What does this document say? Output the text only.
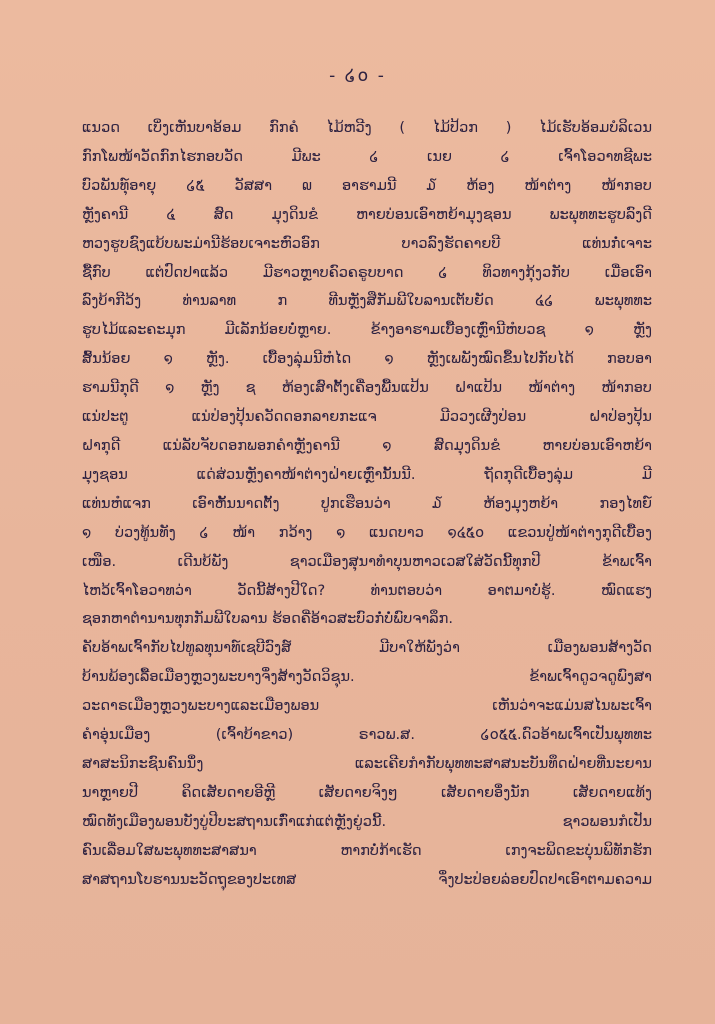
- ໒໐ -
ແນວດ ເບິ່ງເຫັນບາອ້ອມ ກົກຄໍ ໄມ້ຫວີງ ( ໄມ້ປ້ວກ ) ໄມ້ເຮັບອ້ອມບໍລິເວນ
ກົກໂພໜ້າວັດກົກໄຮກອບວັດ ມີພະ ໒ ເນຍ ໒ ເຈົ້າໂອວາທຊີພະ
ບົວພັນທຸ໌ອາຍຸ ໒໕ ວັສສາ ໙ ອາຮາມນີ ໓ ຫ້ອງ ໜ້າຕ່າງ ໜ້າກອບ
ຫຼັງຄານີ ໔ ສົດ ມຸງດິນຂໍ ຫາຍບ່ອນເອົາຫຍ້າມຸງຊອນ ພະພຸທທະຮູບລົງດີ
ຫວງຮູບຊົງແບ້ບພະມ່ານີຮ້ອບເຈາະຫົວອົກ ບາວລົງຮັດຄາຍບີ ແທ່ນກໍ່ເຈາະ
ຊື້ກົບ ແຕ່ປົດປາແລ້ວ ມີຮາວຫຼາບຄົວຄຣູບບາດ ໒ ທິວທາງກຸ້ງວກັບ ເມື່ອເອົາ
ລົງບ້າກີວ້ງ ທ່ານລາທ ກ ທີນຫຼັງສືກັມພີໃບລານເຕັບຍັດ ໔໒ ພະພຸທທະ
ຮູບໄມ້ແລະຄະມຸກ ມີເລັກນ້ອຍບໍ່ຫຼາຍ. ຂ້າງອາຮາມເບື້ອງເຫຼົ່ານີຫໍບວຊ ໑ ຫຼັງ
ສົ້ນນ້ອຍ ໑ ຫຼັງ. ເບື້ອງລຸ່ມນີຫໍໄດ ໑ ຫຼັງເພພັງໝົດຂຶ້ນໄປກັບໄດ້ ກອບອາ
ຮາມນີກຸດີ ໑ ຫຼັງ ຊ ຫ້ອງເສົາຕັ້ງເຄື່ອງພື້ນແປ້ນ ຝາແປ້ນ ໜ້າຕ່າງ ໜ້າກອບ
ແນ່ປະຕູ ແນ່ປ່ອງປຸ້ນຄວັດດອກລາຍກະແຈ ມີວວງເຜີງປ່ອນ ຝາປ່ອງປຸ້ນ
ຝາກຸດີ ແນ່ລັບຈັບດອກພອກຄຳຫຼັງຄານີ ໑ ສົດມຸງດິນຂໍ ຫາຍບ່ອນເອົາຫຍ້າ
ມຸງຊອນ ແດ່ສ່ວນຫຼັງຄາໜ້າຕ່າງຝ່າຍເຫຼົ່ານັ້ນນີ. ຖັດກຸດີເບື້ອງລຸ່ມ ມີ
ແທ່ນຫໍແຈກ ເອົາຫັ້ນນາດຕັ້ງ ປູກເຮືອນວ່າ ໓ ຫ້ອງມຸງຫຍ້າ ກອງໄທຍ໌
໑ ບ່ວງທູ້ນທັງ ໒ ໜ້າ ກວ້າງ ໑ ແນດບາວ ໑໔໕໐ ແຂວນປູ່ໜ້າຕ່າງກຸດີເບື້ອງ
ເໜືອ. ເດີນບ້ພັງ ຊາວເມືອງສຸນາທຳບຸນຫາວເວສໃສ່ວັດນີ້ທຸກປີ ຂ້າພເຈົ້າ
ໄຫວ້ເຈົ້າໂອວາທວ່າ ວັດນີ້ສ້າງປີໃດ? ທ່ານຕອບວ່າ ອາຕມາບໍ່ຮູ້. ໝົດແຮງ
ຊອກຫາຕຳນານທຸກກັມພີໃບລານ ຮ້ອດຄີ່ອ້າວສະບົວກໍ່ບໍ່ພົບຈາລຶກ.
ຄັບອ້າພເຈົ້າກັບໄປທູລທຸນາທ໌ເຊບີວົງສ໌ ມີບາໃຫ້ພັງວ່າ ເມືອງພອນສ້າງວັດ
ບ້ານພ້ອງເລື້ອເມືອງຫຼວງພະບາງຈຶ່ງສ້າງວັດວິຊຸນ. ຂ້າພເຈົ້າດູວຈດູພົງສາ
ວະດາຣເມືອງຫຼວງພະບາງແລະເມືອງພອນ ເຫັນວ່າຈະແມ່ນສໄນພະເຈົ້າ
ຄຳອຸ່ນເມືອງ (ເຈົ້າບ້າຂາວ) ຣາວພ.ສ. ໒໐໕໕.ດົວອ້າພເຈົ້າເປັນພຸທທະ
ສາສະນິກະຊົນຄົນນຶ່ງ ແລະເຄີຍກຳກັບພຸທທະສາສນະບັນທຶດຝ່າຍທີ່ນະຍານ
ນາຫຼາຍປີ ຄິດເສັຍດາຍອີຫຼີ ເສັຍດາຍຈິງໆ ເສັຍດາຍອຶ່ງນັກ ເສັຍດາຍແທ້ງ
ໝົດທັງເມືອງພອນບັງບູ່ປີບະສຖານເກົ່າແກ່ແຕ່ຫຼັງຍູ່ວນີ້. ຊາວພອນກໍເປັນ
ຄົນເລື່ອມໃສພະພຸທທະສາສນາ ຫາກບໍ່ກ້າເຮັດ ເກງຈະພິດຂະບຸ່ນພິທັກຮັກ
ສາສຖານໂບຮານນະວັດຖຸຂອງປະເທສ ຈຶ່ງປະປ່ອຍລ່ອຍປົດປາເອົາຕາມຄວາມ
